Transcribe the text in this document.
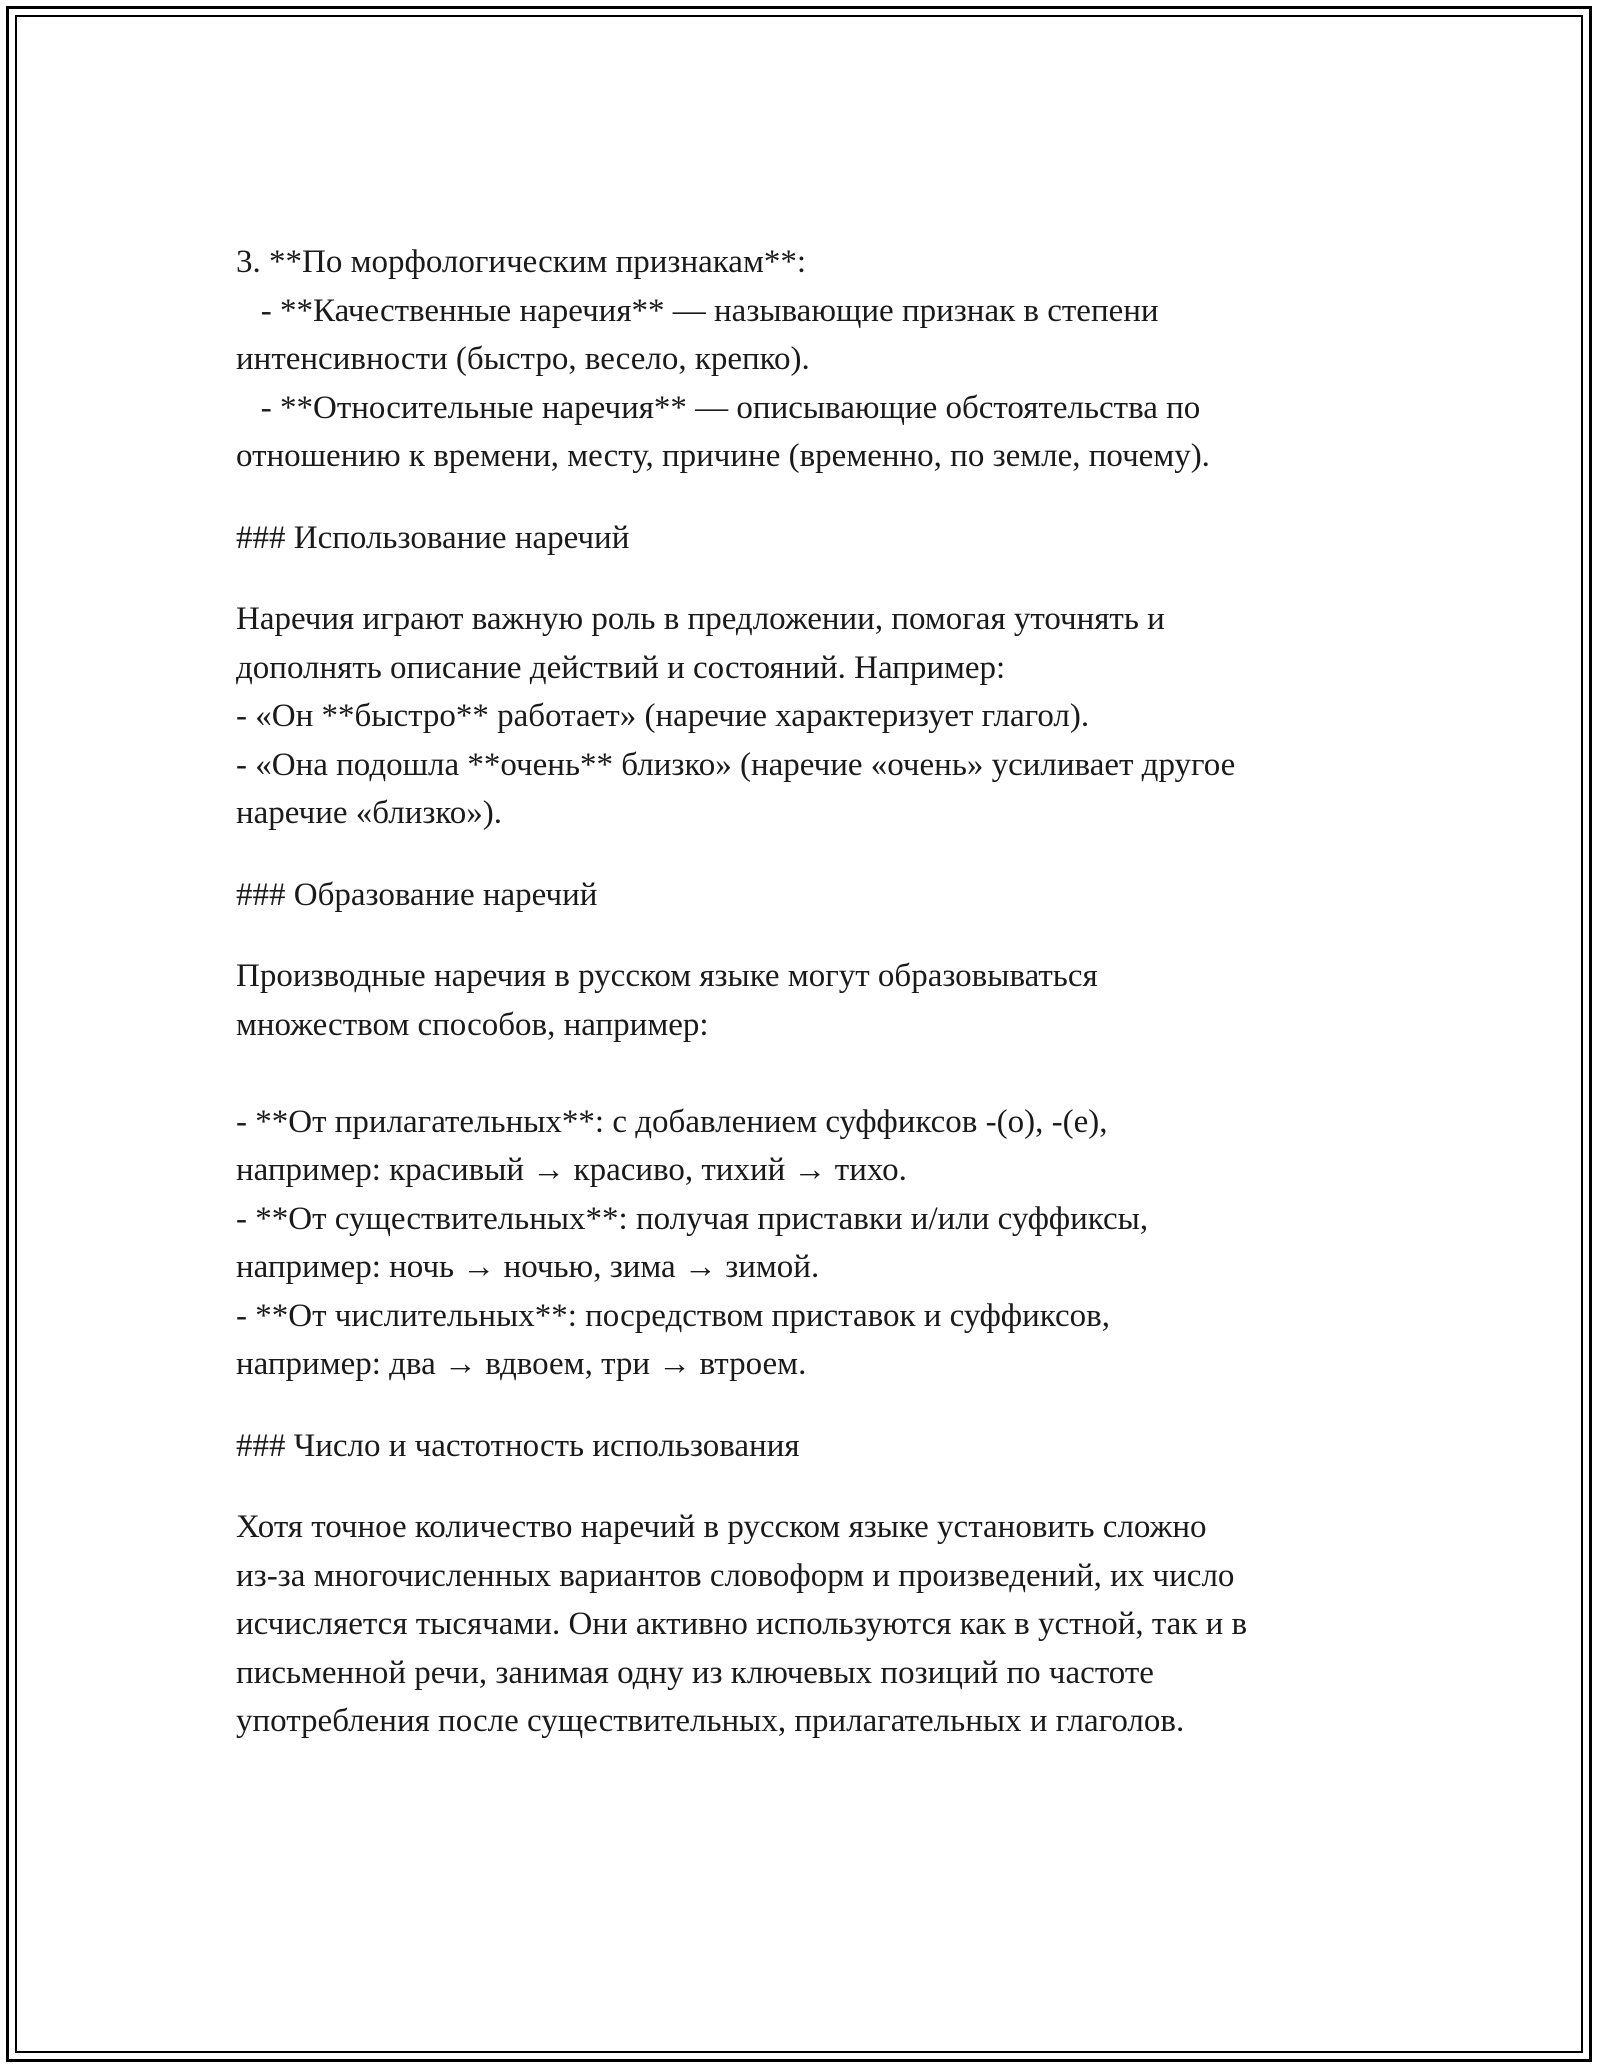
3. **По морфологическим признакам**:
- **Качественные наречия** — называющие признак в степени
интенсивности (быстро, весело, крепко).
- **Относительные наречия** — описывающие обстоятельства по
отношению к времени, месту, причине (временно, по земле, почему).
### Использование наречий
Наречия играют важную роль в предложении, помогая уточнять и
дополнять описание действий и состояний. Например:
- «Он **быстро** работает» (наречие характеризует глагол).
- «Она подошла **очень** близко» (наречие «очень» усиливает другое
наречие «близко»).
### Образование наречий
Производные наречия в русском языке могут образовываться
множеством способов, например:
- **От прилагательных**: с добавлением суффиксов -(о), -(е),
например: красивый → красиво, тихий → тихо.
- **От существительных**: получая приставки и/или суффиксы,
например: ночь → ночью, зима → зимой.
- **От числительных**: посредством приставок и суффиксов,
например: два → вдвоем, три → втроем.
### Число и частотность использования
Хотя точное количество наречий в русском языке установить сложно
из-за многочисленных вариантов словоформ и произведений, их число
исчисляется тысячами. Они активно используются как в устной, так и в
письменной речи, занимая одну из ключевых позиций по частоте
употребления после существительных, прилагательных и глаголов.
